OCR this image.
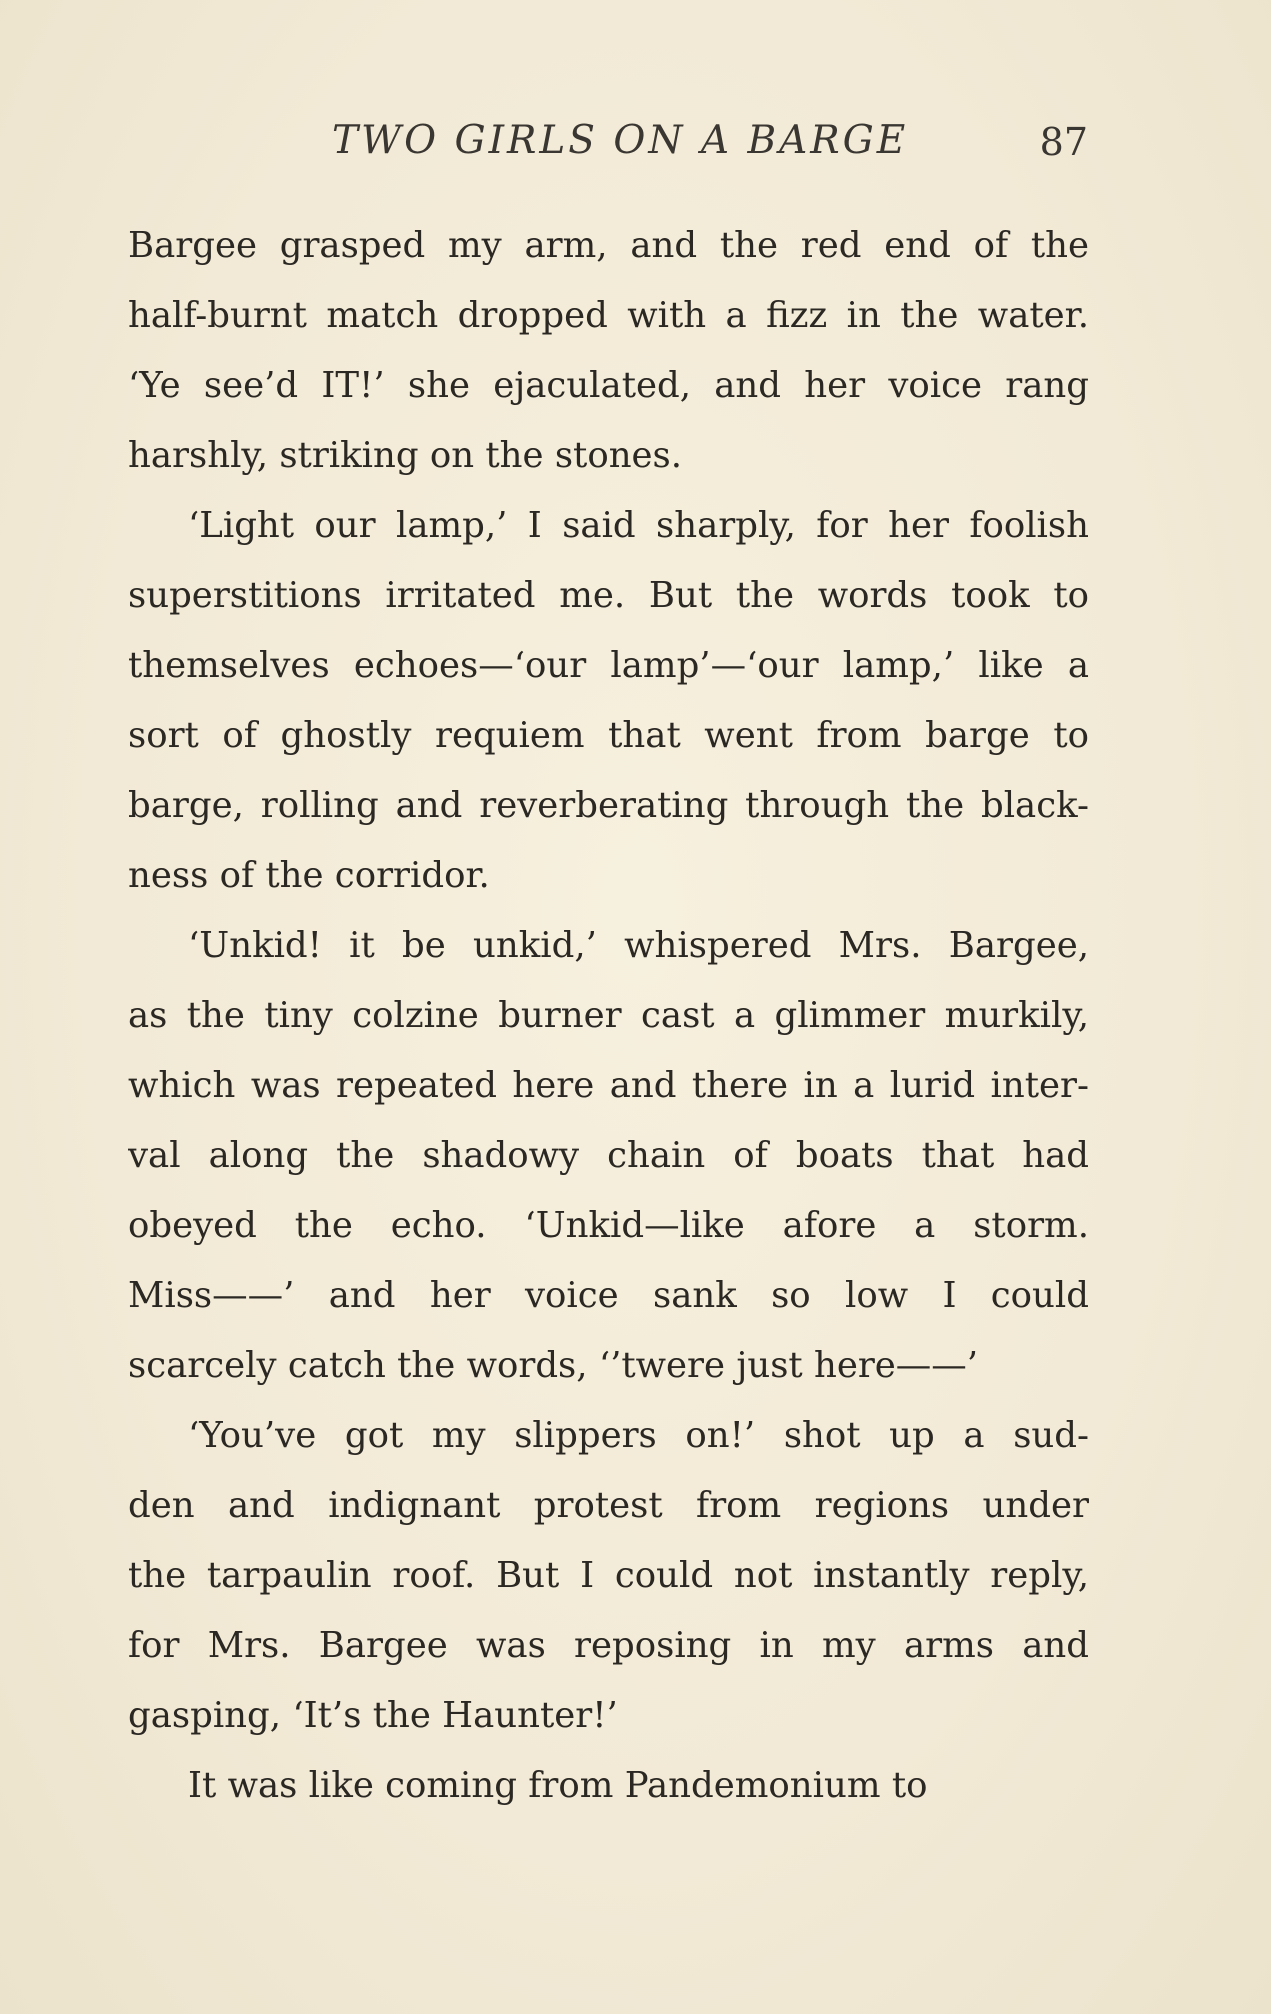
TWO GIRLS ON A BARGE	87
Bargee grasped my arm, and the red end of the
half-burnt match dropped with a fizz in the water.
‘Ye see’d IT!’ she ejaculated, and her voice rang
harshly, striking on the stones.
‘Light our lamp,’ I said sharply, for her foolish
superstitions irritated me. But the words took to
themselves echoes—‘our lamp’—‘our lamp,’ like a
sort of ghostly requiem that went from barge to
barge, rolling and reverberating through the black-
ness of the corridor.
‘Unkid! it be unkid,’ whispered Mrs. Bargee,
as the tiny colzine burner cast a glimmer murkily,
which was repeated here and there in a lurid inter-
val along the shadowy chain of boats that had
obeyed the echo. ‘Unkid—like afore a storm.
Miss——’ and her voice sank so low I could
scarcely catch the words, ‘’twere just here——’
‘You’ve got my slippers on!’ shot up a sud-
den and indignant protest from regions under
the tarpaulin roof. But I could not instantly reply,
for Mrs. Bargee was reposing in my arms and
gasping, ‘It’s the Haunter!’
It was like coming from Pandemonium to
